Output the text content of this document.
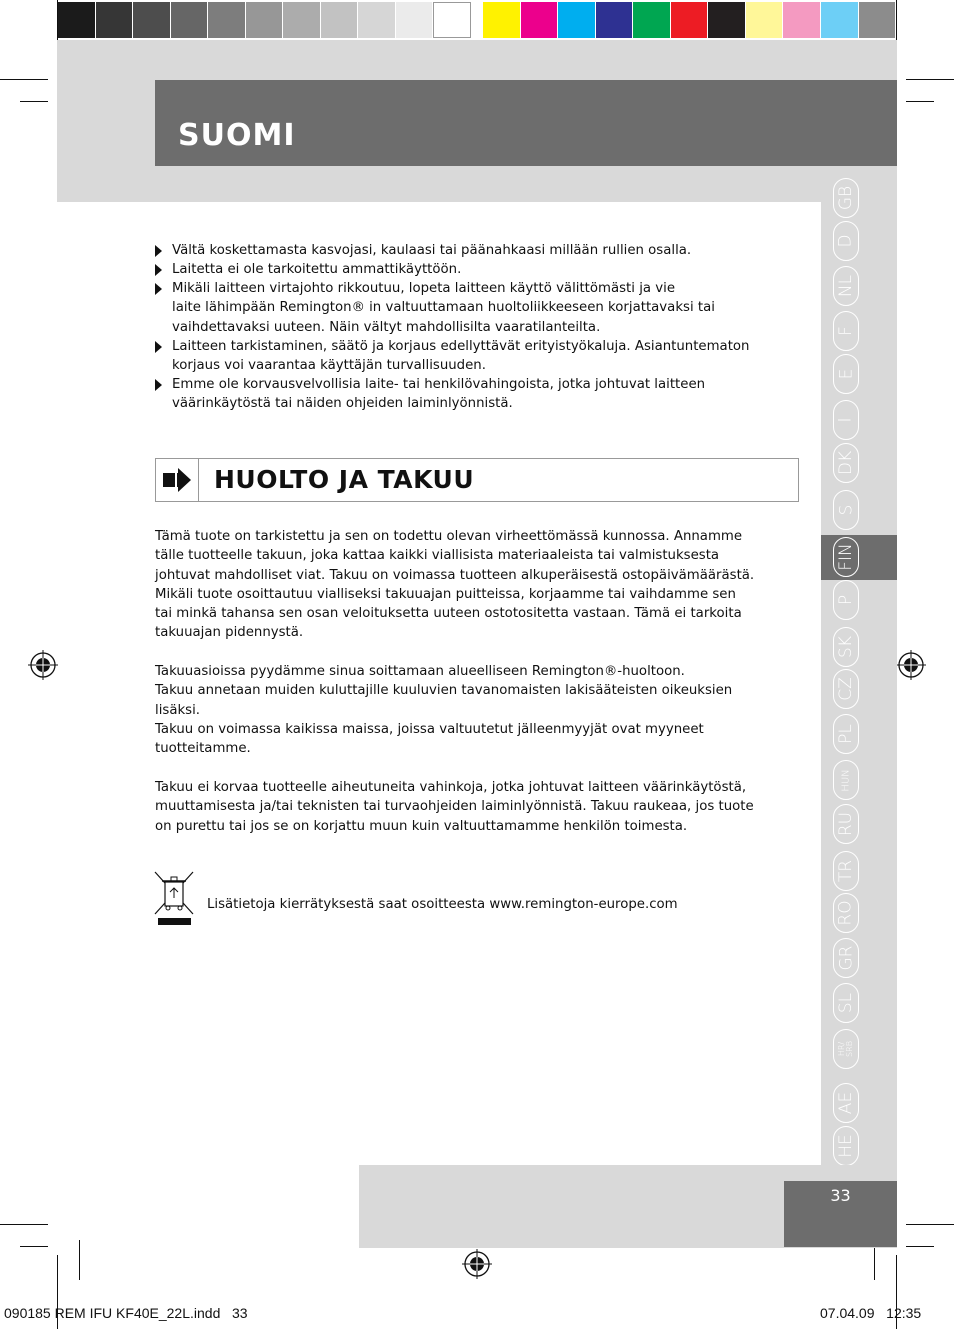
SUOMI
GB
D
NL
F
E
I
DK
S
FIN
P
SK
CZ
PL
HUN
RU
TR
RO
GR
SL
HR/
SRB
AE
HE
33
Vältä koskettamasta kasvojasi, kaulaasi tai päänahkaasi millään rullien osalla.
Laitetta ei ole tarkoitettu ammattikäyttöön.
Mikäli laitteen virtajohto rikkoutuu, lopeta laitteen käyttö välittömästi ja vie
laite lähimpään Remington® in valtuuttamaan huoltoliikkeeseen korjattavaksi tai
vaihdettavaksi uuteen. Näin vältyt mahdollisilta vaaratilanteilta.
Laitteen tarkistaminen, säätö ja korjaus edellyttävät erityistyökaluja. Asiantuntematon
korjaus voi vaarantaa käyttäjän turvallisuuden.
Emme ole korvausvelvollisia laite- tai henkilövahingoista, jotka johtuvat laitteen
väärinkäytöstä tai näiden ohjeiden laiminlyönnistä.
HUOLTO JA TAKUU
Tämä tuote on tarkistettu ja sen on todettu olevan virheettömässä kunnossa. Annamme
tälle tuotteelle takuun, joka kattaa kaikki viallisista materiaaleista tai valmistuksesta
johtuvat mahdolliset viat. Takuu on voimassa tuotteen alkuperäisestä ostopäivämäärästä.
Mikäli tuote osoittautuu vialliseksi takuuajan puitteissa, korjaamme tai vaihdamme sen
tai minkä tahansa sen osan veloituksetta uuteen ostotositetta vastaan. Tämä ei tarkoita
takuuajan pidennystä.
Takuuasioissa pyydämme sinua soittamaan alueelliseen Remington®-huoltoon.
Takuu annetaan muiden kuluttajille kuuluvien tavanomaisten lakisääteisten oikeuksien
lisäksi.
Takuu on voimassa kaikissa maissa, joissa valtuutetut jälleenmyyjät ovat myyneet
tuotteitamme.
Takuu ei korvaa tuotteelle aiheutuneita vahinkoja, jotka johtuvat laitteen väärinkäytöstä,
muuttamisesta ja/tai teknisten tai turvaohjeiden laiminlyönnistä. Takuu raukeaa, jos tuote
on purettu tai jos se on korjattu muun kuin valtuuttamamme henkilön toimesta.
Lisätietoja kierrätyksestä saat osoitteesta www.remington-europe.com
090185 REM IFU KF40E_22L.indd   33	07.04.09   12:35
